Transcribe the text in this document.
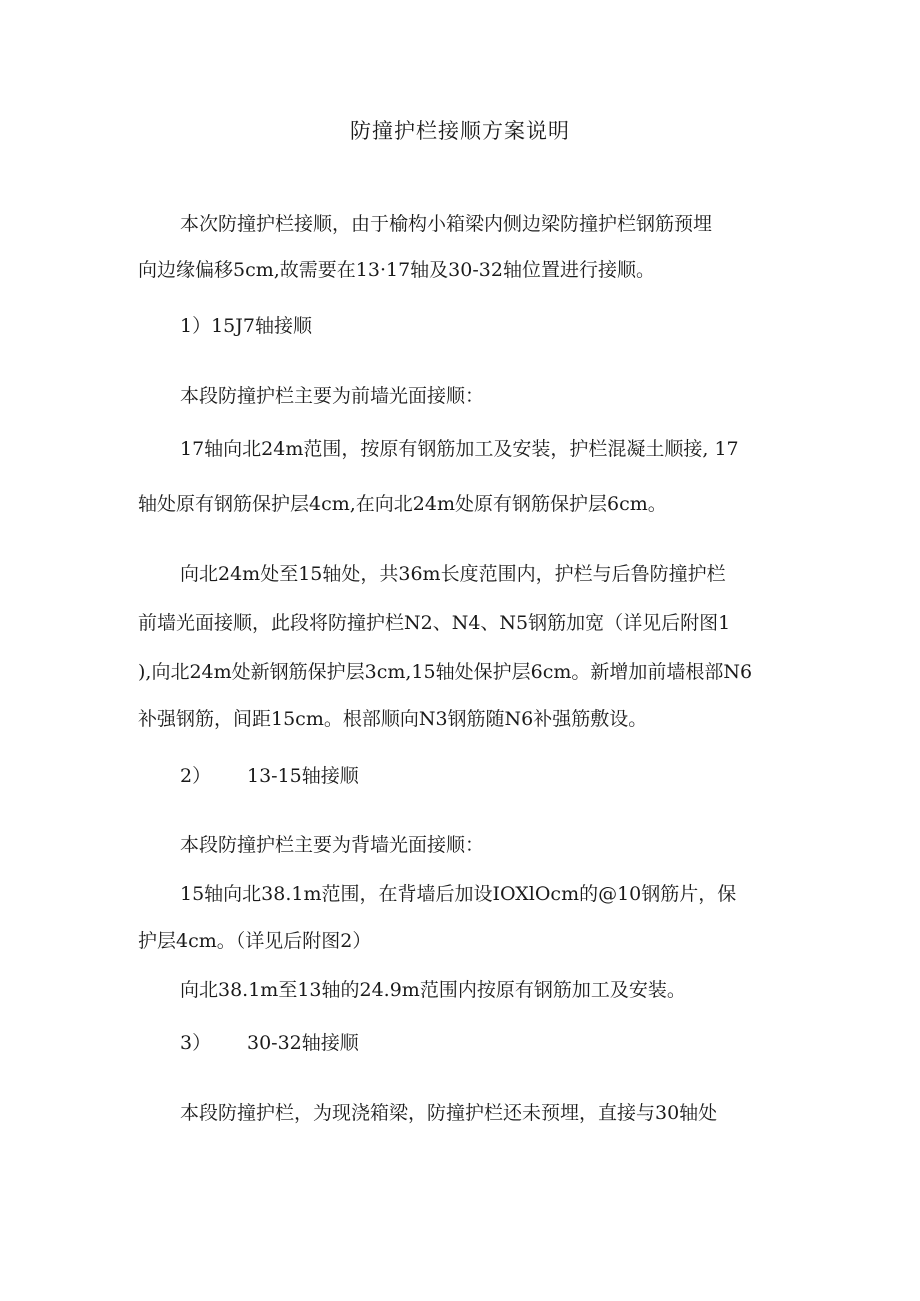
防撞护栏接顺方案说明
本次防撞护栏接顺，由于榆构小箱梁内侧边梁防撞护栏钢筋预埋
向边缘偏移5cm,故需要在13·17轴及30-32轴位置进行接顺。
1）15J7轴接顺
本段防撞护栏主要为前墙光面接顺：
17轴向北24m范围，按原有钢筋加工及安装，护栏混凝土顺接, 17
轴处原有钢筋保护层4cm,在向北24m处原有钢筋保护层6cm。
向北24m处至15轴处，共36m长度范围内，护栏与后鲁防撞护栏
前墙光面接顺，此段将防撞护栏N2、N4、N5钢筋加宽（详见后附图1
),向北24m处新钢筋保护层3cm,15轴处保护层6cm。新增加前墙根部N6
补强钢筋，间距15cm。根部顺向N3钢筋随N6补强筋敷设。
2） 13-15轴接顺
本段防撞护栏主要为背墙光面接顺：
15轴向北38.1m范围，在背墙后加设IOXlOcm的@10钢筋片，保
护层4cm。（详见后附图2）
向北38.1m至13轴的24.9m范围内按原有钢筋加工及安装。
3） 30-32轴接顺
本段防撞护栏，为现浇箱梁，防撞护栏还未预埋，直接与30轴处
